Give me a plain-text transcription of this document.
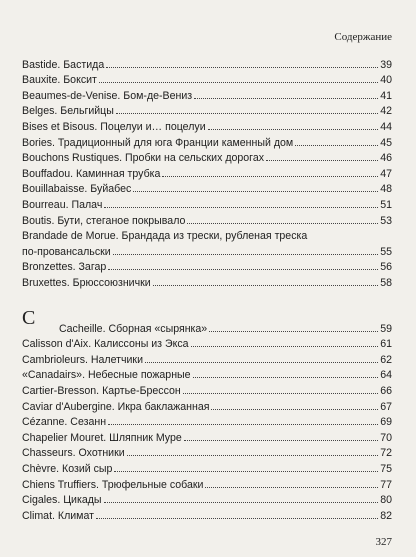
Содержание
Bastide. Бастида	39
Bauxite. Боксит	40
Beaumes-de-Venise. Бом-де-Вениз	41
Belges. Бельгийцы	42
Bises et Bisous. Поцелуи и… поцелуи	44
Bories. Традиционный для юга Франции каменный дом	45
Bouchons Rustiques. Пробки на сельских дорогах	46
Bouffadou. Каминная трубка	47
Bouillabaisse. Буйабес	48
Bourreau. Палач	51
Boutis. Бути, стеганое покрывало	53
Brandade de Morue. Брандада из трески, рубленая треска
по-провансальски	55
Bronzettes. Загар	56
Bruxettes. Брюссоюзнички	58
C Cacheille. Сборная «сырянка»	59
Calisson d'Aix. Калиссоны из Экса	61
Cambrioleurs. Налетчики	62
«Canadairs». Небесные пожарные	64
Cartier-Bresson. Картье-Брессон	66
Caviar d'Aubergine. Икра баклажанная	67
Cézanne. Сезанн	69
Chapelier Mouret. Шляпник Муре	70
Chasseurs. Охотники	72
Chèvre. Козий сыр	75
Chiens Truffiers. Трюфельные собаки	77
Cigales. Цикады	80
Climat. Климат	82
327
